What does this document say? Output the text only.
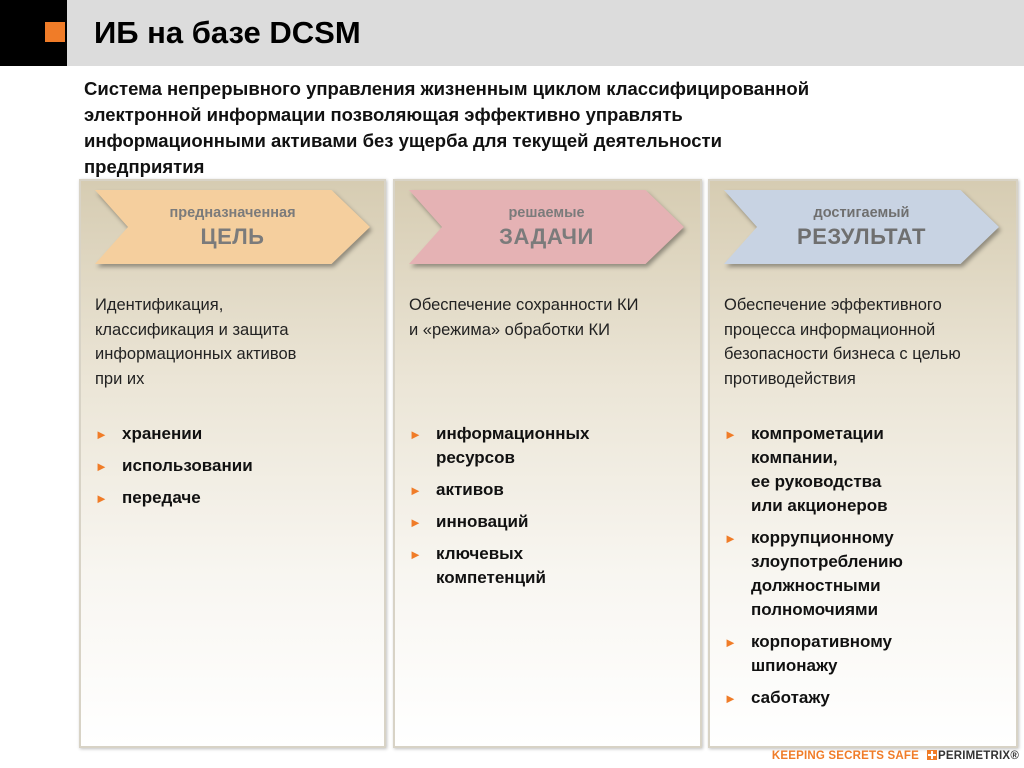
ИБ на базе DCSM
Система непрерывного управления жизненным циклом классифицированной
электронной информации позволяющая эффективно управлять
информационными активами без ущерба для текущей деятельности
предприятия
предназначенная
ЦЕЛЬ
Идентификация,
классификация и защита
информационных активов
при их
► хранении
► использовании
► передаче
решаемые
ЗАДАЧИ
Обеспечение сохранности КИ
и «режима» обработки КИ
► информационных
ресурсов
► активов
► инноваций
► ключевых
компетенций
достигаемый
РЕЗУЛЬТАТ
Обеспечение эффективного
процесса информационной
безопасности бизнеса с целью
противодействия
► компрометации
компании,
ее руководства
или акционеров
► коррупционному
злоупотреблению
должностными
полномочиями
► корпоративному
шпионажу
► саботажу
KEEPING SECRETS SAFE PERIMETRIX®
